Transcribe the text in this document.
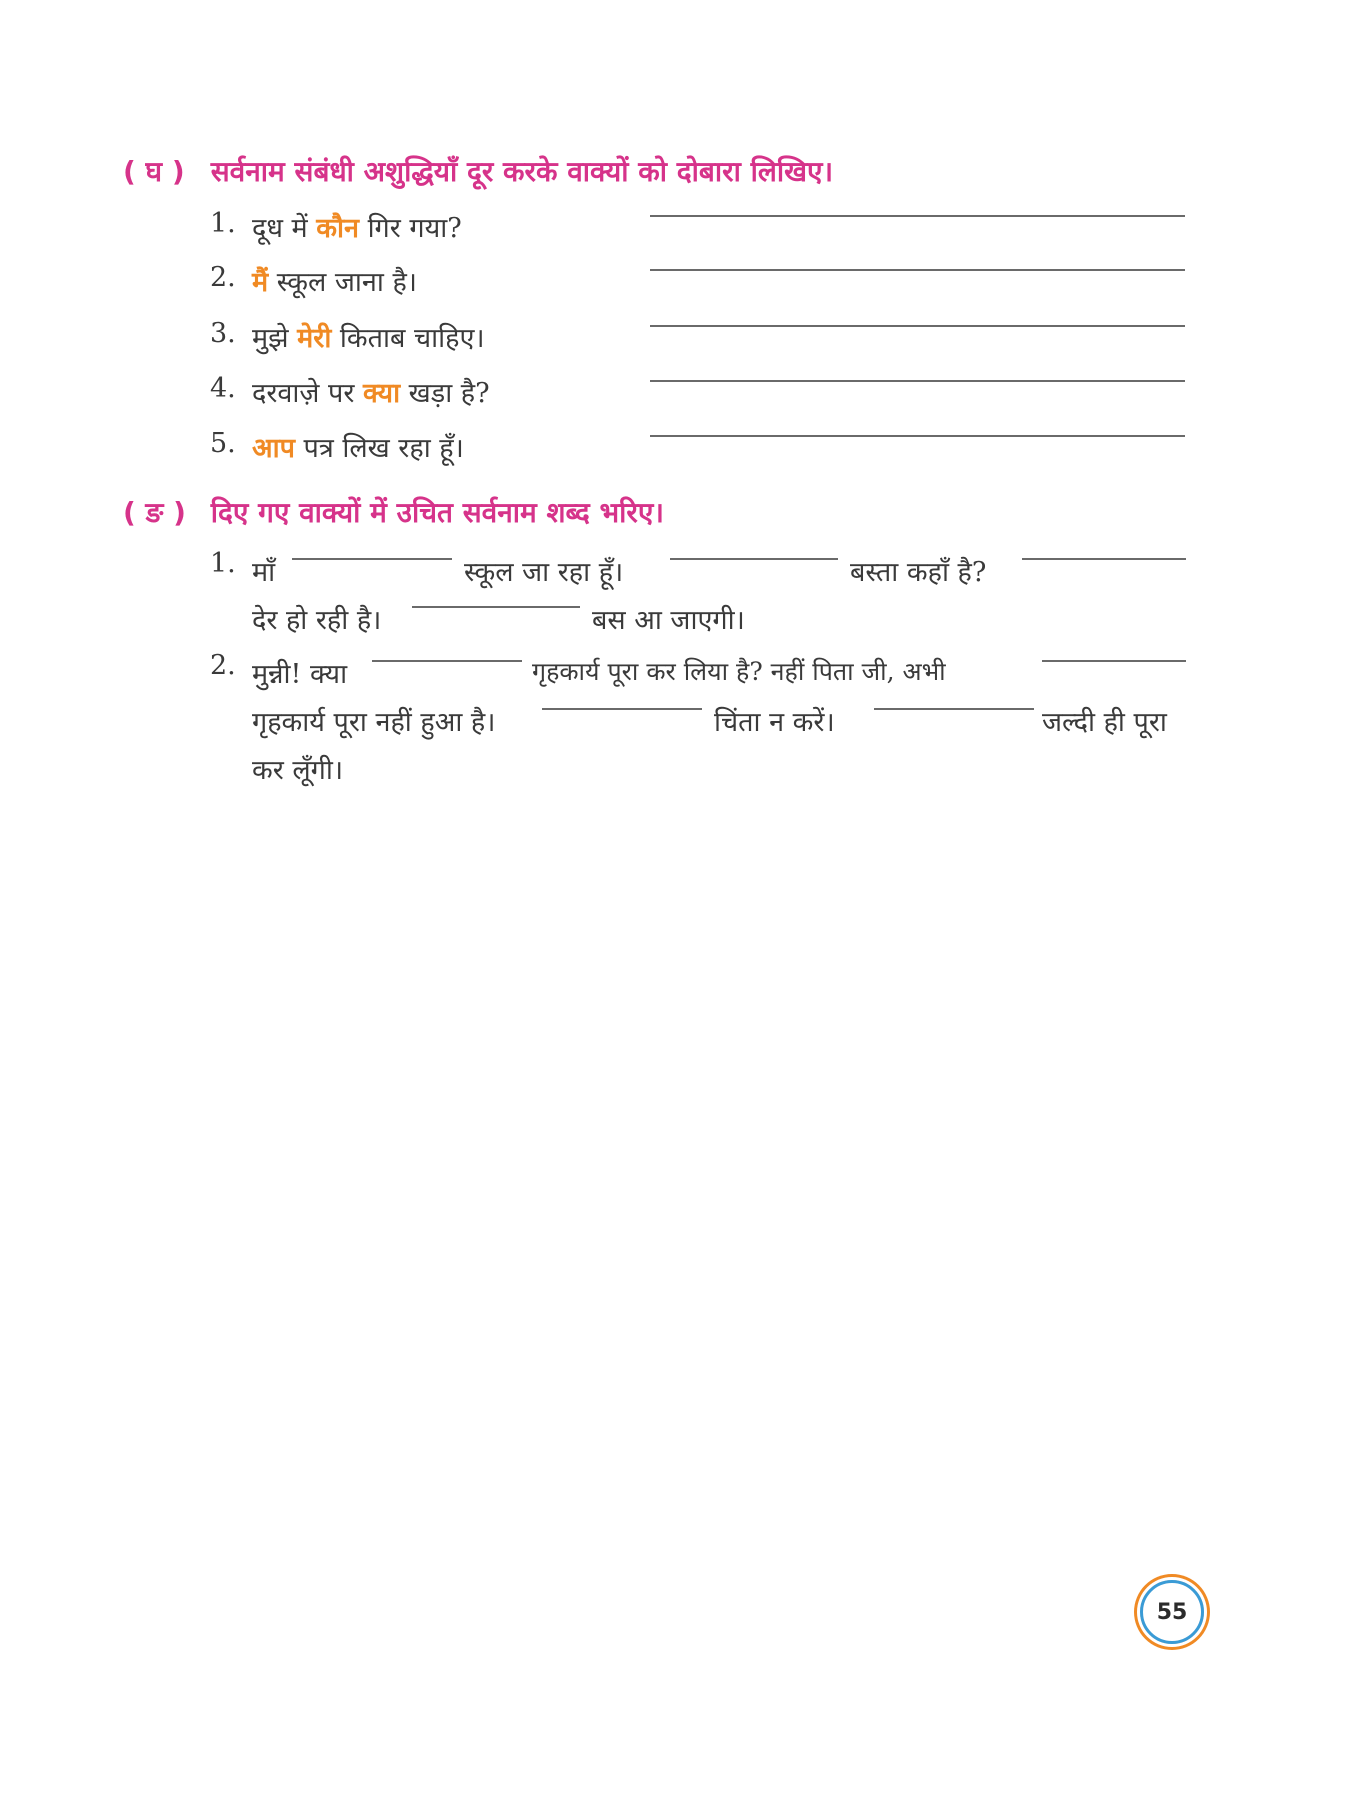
( घ ) सर्वनाम संबंधी अशुद्धियाँ दूर करके वाक्यों को दोबारा लिखिए।
1. दूध में कौन गिर गया?
2. मैं स्कूल जाना है।
3. मुझे मेरी किताब चाहिए।
4. दरवाज़े पर क्या खड़ा है?
5. आप पत्र लिख रहा हूँ।
( ङ ) दिए गए वाक्यों में उचित सर्वनाम शब्द भरिए।
1. माँ	स्कूल जा रहा हूँ।	बस्ता कहाँ है?
देर हो रही है।	बस आ जाएगी।
2. मुन्नी! क्या	गृहकार्य पूरा कर लिया है? नहीं पिता जी, अभी
गृहकार्य पूरा नहीं हुआ है।	चिंता न करें।	जल्दी ही पूरा
कर लूँगी।
55
